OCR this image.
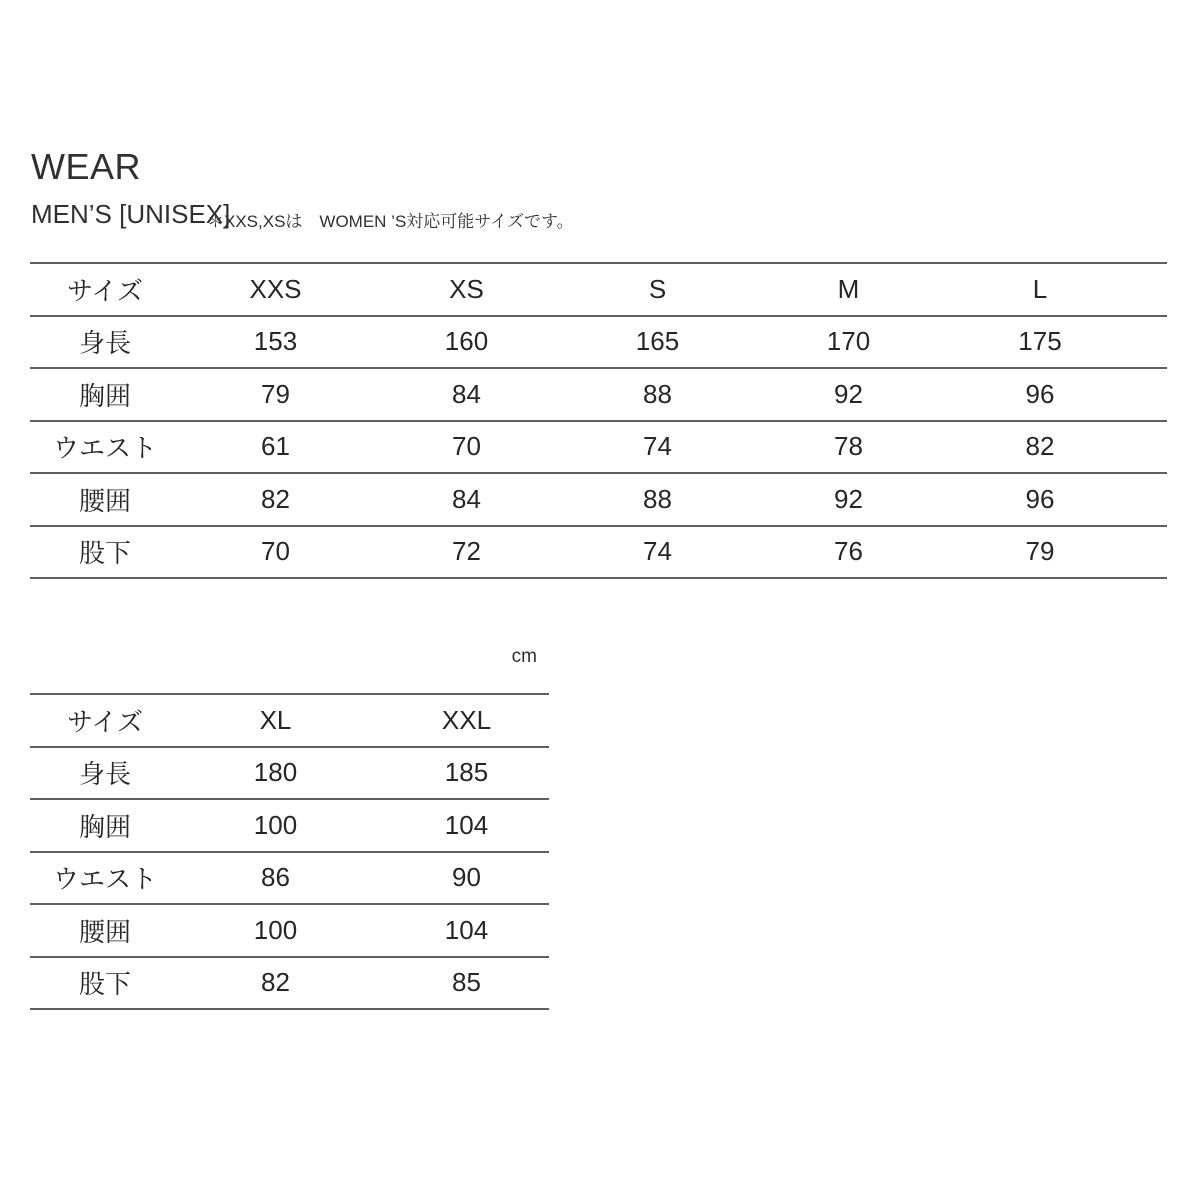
WEAR
MEN’S [UNISEX]
＊XXS,XSは　WOMEN ’S対応可能サイズです。
サイズ	XXS	XS	S	M	L
身長	153	160	165	170	175
胸囲	79	84	88	92	96
ウエスト	61	70	74	78	82
腰囲	82	84	88	92	96
股下	70	72	74	76	79
cm
サイズ	XL	XXL
身長	180	185
胸囲	100	104
ウエスト	86	90
腰囲	100	104
股下	82	85
